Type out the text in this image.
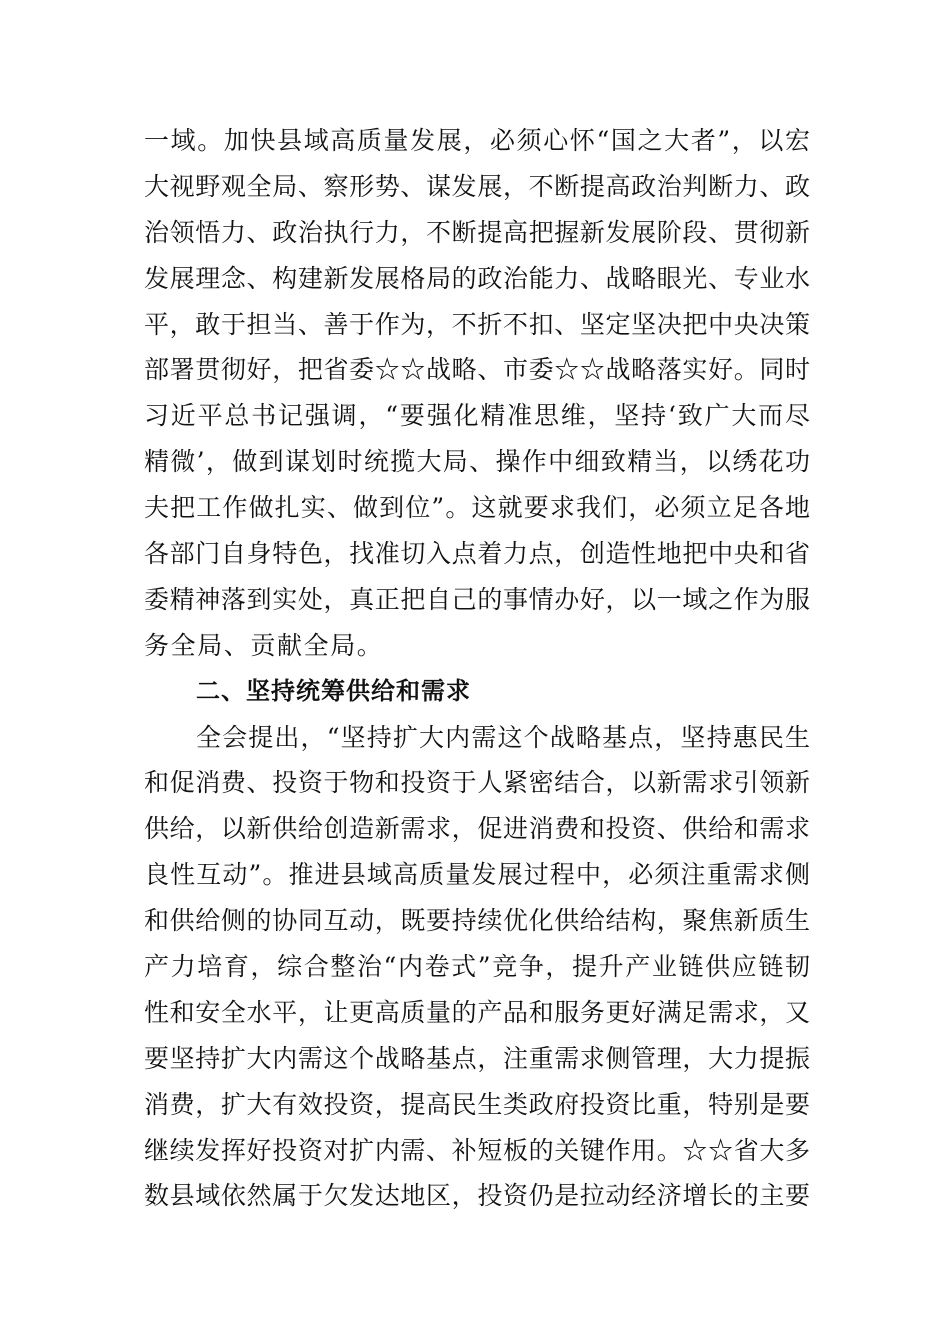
一域。加快县域高质量发展，必须心怀“国之大者”，以宏
大视野观全局、察形势、谋发展，不断提高政治判断力、政
治领悟力、政治执行力，不断提高把握新发展阶段、贯彻新
发展理念、构建新发展格局的政治能力、战略眼光、专业水
平，敢于担当、善于作为，不折不扣、坚定坚决把中央决策
部署贯彻好，把省委☆☆战略、市委☆☆战略落实好。同时
习近平总书记强调，“要强化精准思维，坚持‘致广大而尽
精微’，做到谋划时统揽大局、操作中细致精当，以绣花功
夫把工作做扎实、做到位”。这就要求我们，必须立足各地
各部门自身特色，找准切入点着力点，创造性地把中央和省
委精神落到实处，真正把自己的事情办好，以一域之作为服
务全局、贡献全局。
二、坚持统筹供给和需求
全会提出，“坚持扩大内需这个战略基点，坚持惠民生
和促消费、投资于物和投资于人紧密结合，以新需求引领新
供给，以新供给创造新需求，促进消费和投资、供给和需求
良性互动”。推进县域高质量发展过程中，必须注重需求侧
和供给侧的协同互动，既要持续优化供给结构，聚焦新质生
产力培育，综合整治“内卷式”竞争，提升产业链供应链韧
性和安全水平，让更高质量的产品和服务更好满足需求，又
要坚持扩大内需这个战略基点，注重需求侧管理，大力提振
消费，扩大有效投资，提高民生类政府投资比重，特别是要
继续发挥好投资对扩内需、补短板的关键作用。☆☆省大多
数县域依然属于欠发达地区，投资仍是拉动经济增长的主要
